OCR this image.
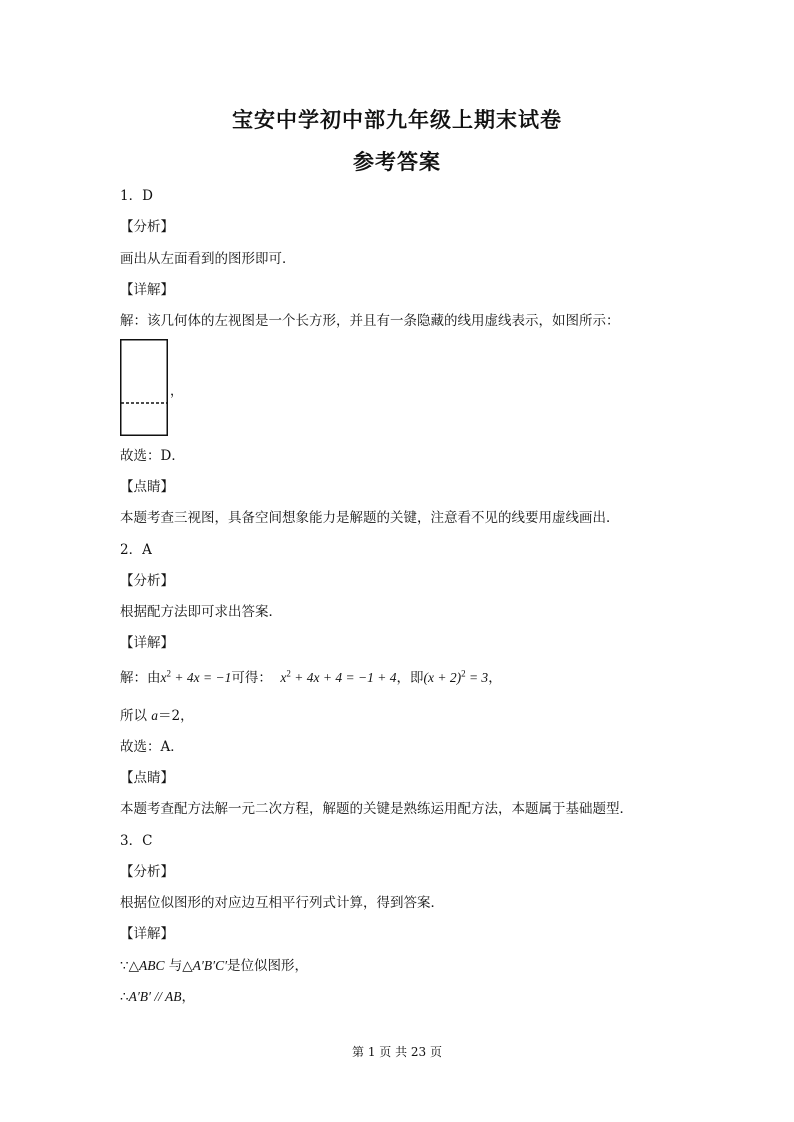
宝安中学初中部九年级上期末试卷
参考答案
1．D
【分析】
画出从左面看到的图形即可．
【详解】
解：该几何体的左视图是一个长方形，并且有一条隐藏的线用虚线表示，如图所示：
，
故选：D．
【点睛】
本题考查三视图，具备空间想象能力是解题的关键，注意看不见的线要用虚线画出．
2．A
【分析】
根据配方法即可求出答案．
【详解】
解：由$x^2 + 4x = -1$可得： $x^2 + 4x + 4 = -1 + 4$，即$(x + 2)^2 = 3$，
所以 a＝2，
故选：A．
【点睛】
本题考查配方法解一元二次方程，解题的关键是熟练运用配方法，本题属于基础题型．
3．C
【分析】
根据位似图形的对应边互相平行列式计算，得到答案．
【详解】
∵△ABC 与△A′B′C′是位似图形，
∴A′B′ // AB，
第 1 页 共 23 页
